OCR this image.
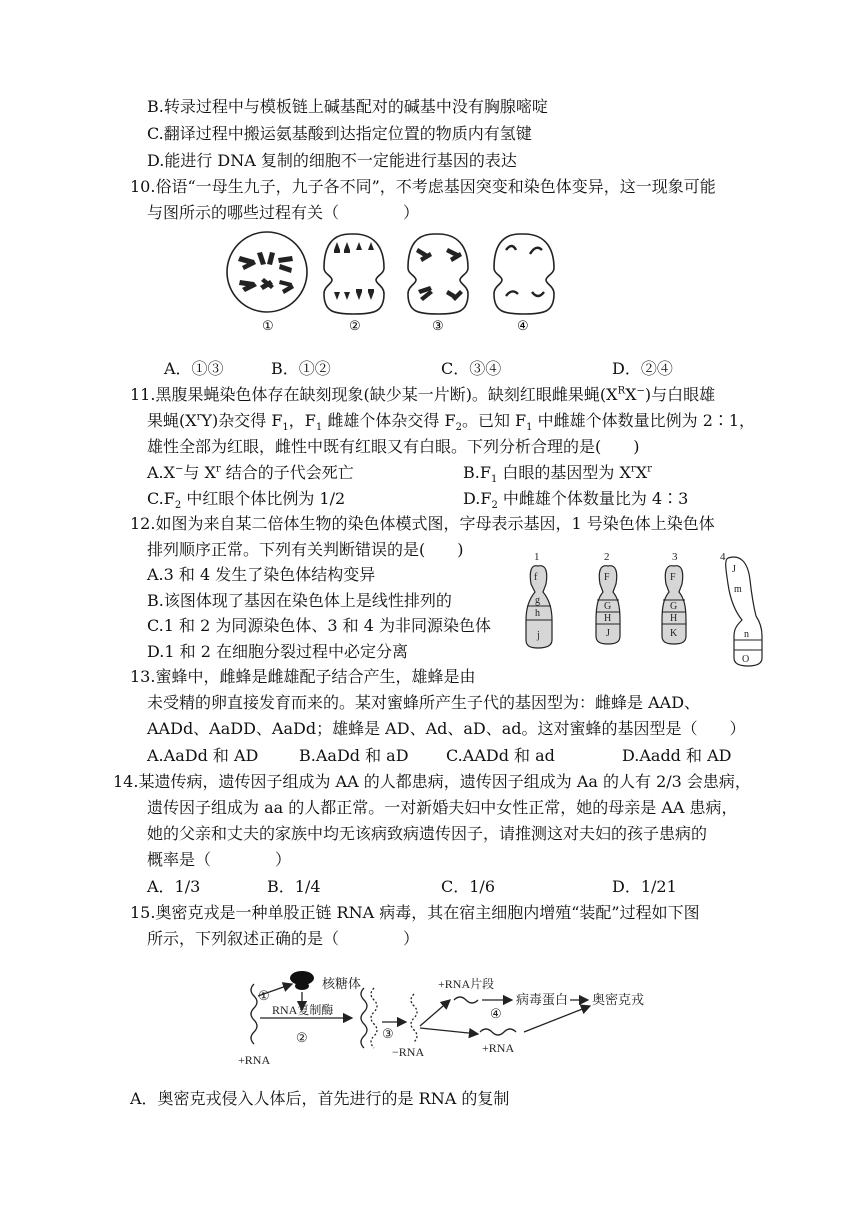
B.转录过程中与模板链上碱基配对的碱基中没有胸腺嘧啶
C.翻译过程中搬运氨基酸到达指定位置的物质内有氢键
D.能进行 DNA 复制的细胞不一定能进行基因的表达
10.俗语“一母生九子，九子各不同”，不考虑基因突变和染色体变异，这一现象可能
与图所示的哪些过程有关（　　　　）
①	②	③	④
A．①③	B．①②	C．③④	D．②④
11.黑腹果蝇染色体存在缺刻现象(缺少某一片断)。缺刻红眼雌果蝇$(X^RX^-)$与白眼雄
果蝇$(X^rY)$杂交得 $F_1$，$F_1$ 雌雄个体杂交得 $F_2$。已知 $F_1$ 中雌雄个体数量比例为 2∶1，
雄性全部为红眼，雌性中既有红眼又有白眼。下列分析合理的是(　　)
A.X−与 $X^r$ 结合的子代会死亡	$B.F_1$ 白眼的基因型为 $X^rX^r$
$C.F_2$ 中红眼个体比例为 1/2	$D.F_2$ 中雌雄个体数量比为 4∶3
12.如图为来自某二倍体生物的染色体模式图，字母表示基因，1 号染色体上染色体
排列顺序正常。下列有关判断错误的是(　　)
A.3 和 4 发生了染色体结构变异
B.该图体现了基因在染色体上是线性排列的
C.1 和 2 为同源染色体、3 和 4 为非同源染色体
D.1 和 2 在细胞分裂过程中必定分离
1	2	3	4
f
g
h
j
F
G
H
J
F
G
H
K
J
m
n
O
13.蜜蜂中，雌蜂是雌雄配子结合产生，雄蜂是由
未受精的卵直接发育而来的。某对蜜蜂所产生子代的基因型为：雌蜂是 AAD、
AADd、AaDD、AaDd；雄蜂是 AD、Ad、aD、ad。这对蜜蜂的基因型是（　　）
A.AaDd 和 AD	B.AaDd 和 aD C.AADd 和 ad	D.Aadd 和 AD
14.某遗传病，遗传因子组成为 AA 的人都患病，遗传因子组成为 Aa 的人有 2/3 会患病，
遗传因子组成为 aa 的人都正常。一对新婚夫妇中女性正常，她的母亲是 AA 患病，
她的父亲和丈夫的家族中均无该病致病遗传因子，请推测这对夫妇的孩子患病的
概率是（　　　　）
A．1/3	B．1/4	C．1/6	D．1/21
15.奥密克戎是一种单股正链 RNA 病毒，其在宿主细胞内增殖“装配”过程如下图
所示，下列叙述正确的是（　　　　）
①
核糖体
RNA复制酶
②
+RNA
③
−RNA
+RNA片段
④
病毒蛋白 奥密克戎
+RNA
A．奥密克戎侵入人体后，首先进行的是 RNA 的复制
